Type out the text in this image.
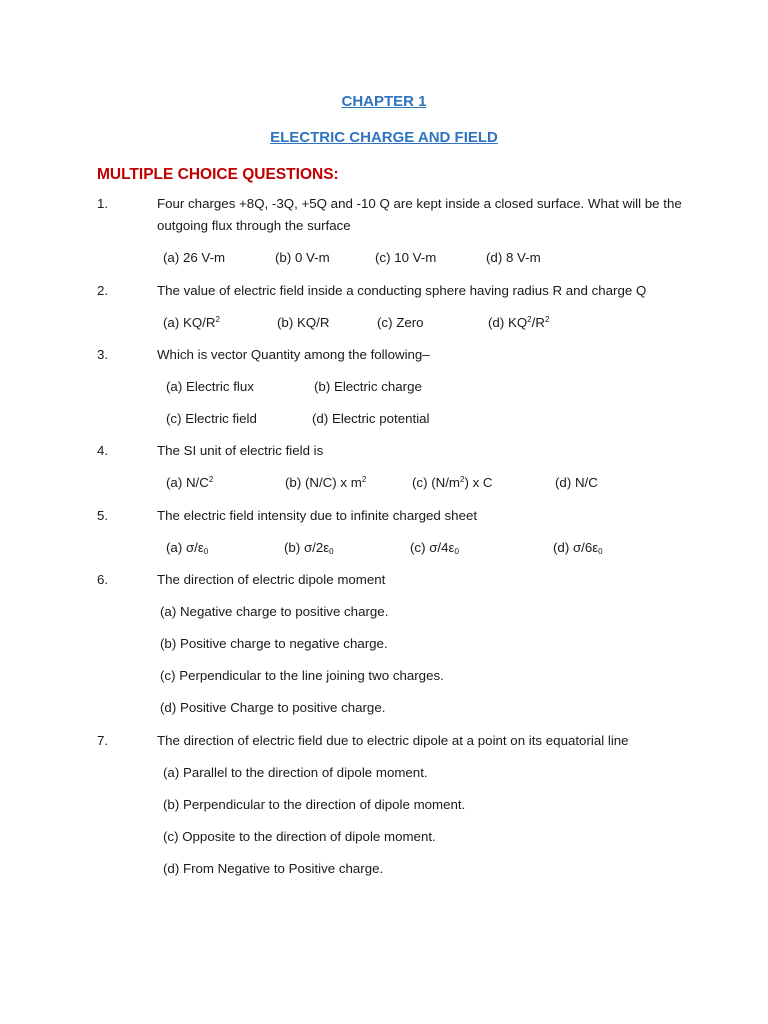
CHAPTER 1
ELECTRIC CHARGE AND FIELD
MULTIPLE CHOICE QUESTIONS:
1.	Four charges +8Q, -3Q, +5Q and -10 Q are kept inside a closed surface. What will be the outgoing flux through the surface
(a) 26 V-m	(b) 0 V-m	(c) 10 V-m	(d) 8 V-m
2.	The value of electric field inside a conducting sphere having radius R and charge Q
(a) $KQ/R^2$	(b) KQ/R	(c) Zero	(d) $KQ^2/R^2$
3.	Which is vector Quantity among the following–
(a) Electric flux	(b) Electric charge
(c) Electric field	(d) Electric potential
4.	The SI unit of electric field is
(a) $N/C^2$	(b) (N/C) x $m^2$	(c) $(N/m^2)$ x C	(d) N/C
5.	The electric field intensity due to infinite charged sheet
(a) $\sigma/\varepsilon_0$	(b) $\sigma/2\varepsilon_0$	(c) $\sigma/4\varepsilon_0$	(d) $\sigma/6\varepsilon_0$
6.	The direction of electric dipole moment
(a) Negative charge to positive charge.
(b) Positive charge to negative charge.
(c) Perpendicular to the line joining two charges.
(d) Positive Charge to positive charge.
7.	The direction of electric field due to electric dipole at a point on its equatorial line
(a) Parallel to the direction of dipole moment.
(b) Perpendicular to the direction of dipole moment.
(c) Opposite to the direction of dipole moment.
(d) From Negative to Positive charge.
